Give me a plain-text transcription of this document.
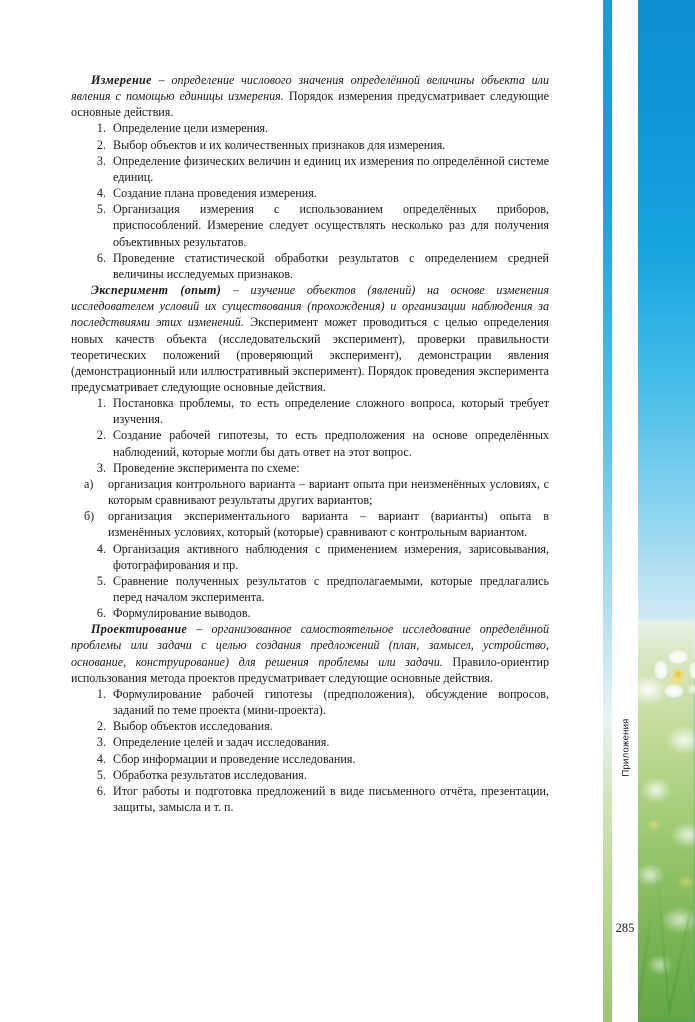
Измерение – определение числового значения определённой величины объекта или явления с помощью единицы измерения. Порядок измерения предусматривает следующие основные действия.

1. Определение цели измерения.
2. Выбор объектов и их количественных признаков для измерения.
3. Определение физических величин и единиц их измерения по определённой системе единиц.
4. Создание плана проведения измерения.
5. Организация измерения с использованием определённых приборов, приспособлений. Измерение следует осуществлять несколько раз для получения объективных результатов.
6. Проведение статистической обработки результатов с определением средней величины исследуемых признаков.

Эксперимент (опыт) – изучение объектов (явлений) на основе изменения исследователем условий их существования (прохождения) и организации наблюдения за последствиями этих изменений. Эксперимент может проводиться с целью определения новых качеств объекта (исследовательский эксперимент), проверки правильности теоретических положений (проверяющий эксперимент), демонстрации явления (демонстрационный или иллюстративный эксперимент). Порядок проведения эксперимента предусматривает следующие основные действия.

1. Постановка проблемы, то есть определение сложного вопроса, который требует изучения.
2. Создание рабочей гипотезы, то есть предположения на основе определённых наблюдений, которые могли бы дать ответ на этот вопрос.
3. Проведение эксперимента по схеме:
а)	организация контрольного варианта – вариант опыта при неизменённых условиях, с которым сравнивают результаты других вариантов;
б)	организация экспериментального варианта – вариант (варианты) опыта в изменённых условиях, который (которые) сравнивают с контрольным вариантом.
4. Организация активного наблюдения с применением измерения, зарисовывания, фотографирования и пр.
5. Сравнение полученных результатов с предполагаемыми, которые предлагались перед началом эксперимента.
6. Формулирование выводов.

Проектирование – организованное самостоятельное исследование определённой проблемы или задачи с целью создания предложений (план, замысел, устройство, основание, конструирование) для решения проблемы или задачи. Правило-ориентир использования метода проектов предусматривает следующие основные действия.

1. Формулирование рабочей гипотезы (предположения), обсуждение вопросов, заданий по теме проекта (мини-проекта).
2. Выбор объектов исследования.
3. Определение целей и задач исследования.
4. Сбор информации и проведение исследования.
5. Обработка результатов исследования.
6. Итог работы и подготовка предложений в виде письменного отчёта, презентации, защиты, замысла и т. п.
Приложения
285
